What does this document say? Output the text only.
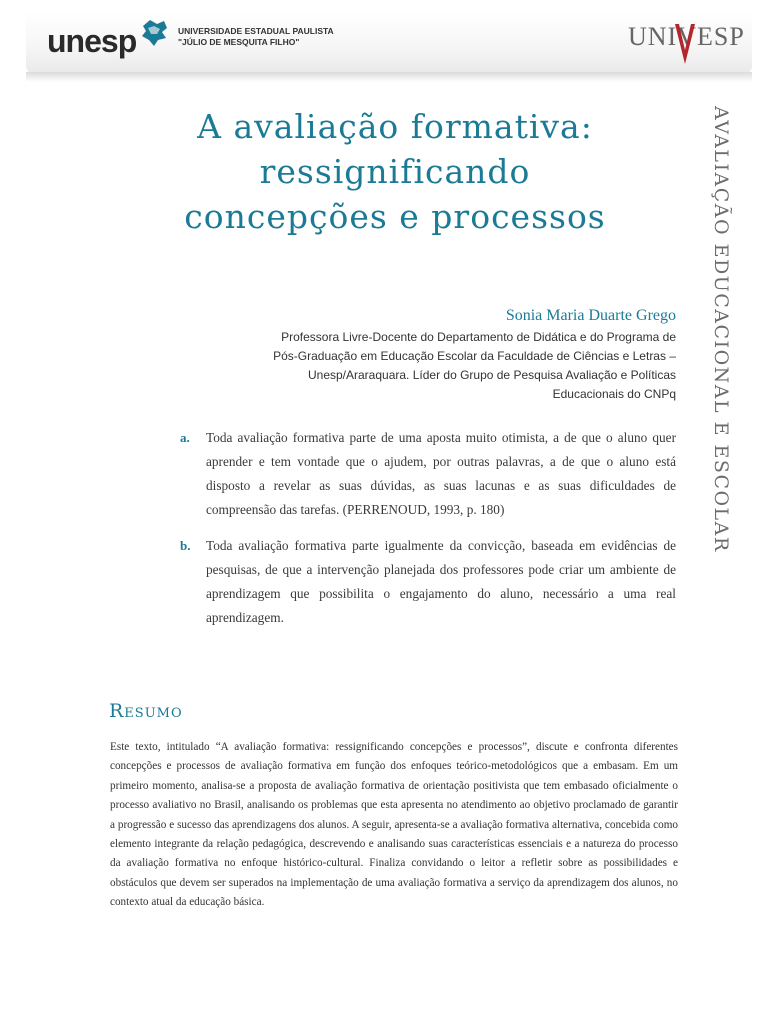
unesp	UNIVERSIDADE ESTADUAL PAULISTA
"JÚLIO DE MESQUITA FILHO"	UNIVESP
AVALIAÇÃO EDUCACIONAL E ESCOLAR
A avaliação formativa:
ressignificando
concepções e processos
Sonia Maria Duarte Grego
Professora Livre-Docente do Departamento de Didática e do Programa de Pós-Graduação em Educação Escolar da Faculdade de Ciências e Letras – Unesp/Araraquara. Líder do Grupo de Pesquisa Avaliação e Políticas Educacionais do CNPq
a. Toda avaliação formativa parte de uma aposta muito otimista, a de que o aluno quer aprender e tem vontade que o ajudem, por outras palavras, a de que o aluno está disposto a revelar as suas dúvidas, as suas lacunas e as suas dificuldades de compreensão das tarefas. (PERRENOUD, 1993, p. 180)
b. Toda avaliação formativa parte igualmente da convicção, baseada em evidências de pesquisas, de que a intervenção planejada dos professores pode criar um ambiente de aprendizagem que possibilita o engajamento do aluno, necessário a uma real aprendizagem.
Resumo
Este texto, intitulado “A avaliação formativa: ressignificando concepções e processos”, discute e confronta diferentes concepções e processos de avaliação formativa em função dos enfoques teórico-metodológicos que a embasam. Em um primeiro momento, analisa-se a proposta de avaliação formativa de orientação positivista que tem embasado oficialmente o processo avaliativo no Brasil, analisando os problemas que esta apresenta no atendimento ao objetivo proclamado de garantir a progressão e sucesso das aprendizagens dos alunos. A seguir, apresenta-se a avaliação formativa alternativa, concebida como elemento integrante da relação pedagógica, descrevendo e analisando suas características essenciais e a natureza do processo da avaliação formativa no enfoque histórico-cultural. Finaliza convidando o leitor a refletir sobre as possibilidades e obstáculos que devem ser superados na implementação de uma avaliação formativa a serviço da aprendizagem dos alunos, no contexto atual da educação básica.
